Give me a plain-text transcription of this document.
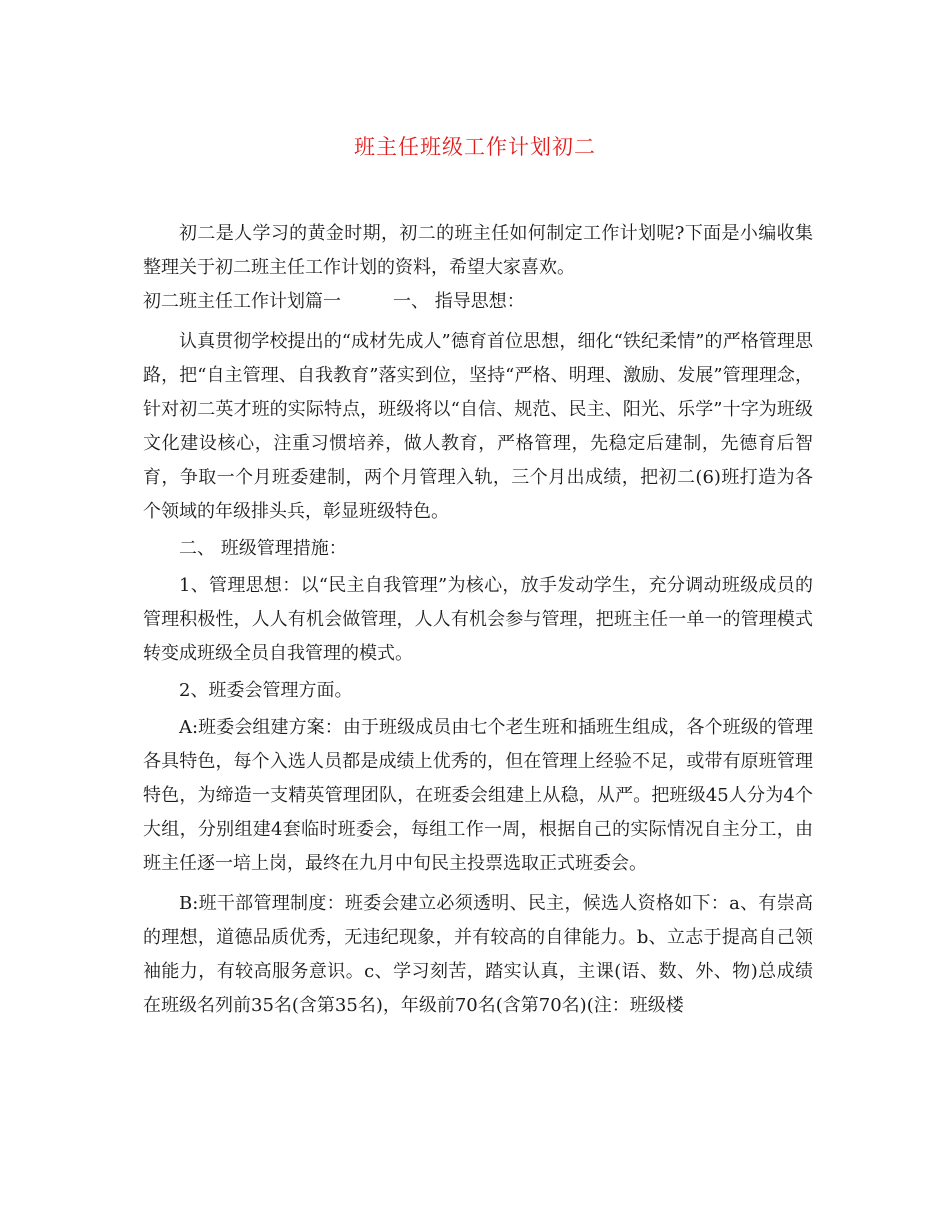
班主任班级工作计划初二

初二是人学习的黄金时期，初二的班主任如何制定工作计划呢?下面是小编收集整理关于初二班主任工作计划的资料，希望大家喜欢。

初二班主任工作计划篇一	一、 指导思想：

认真贯彻学校提出的“成材先成人”德育首位思想，细化“铁纪柔情”的严格管理思路，把“自主管理、自我教育”落实到位，坚持“严格、明理、激励、发展”管理理念，针对初二英才班的实际特点，班级将以“自信、规范、民主、阳光、乐学”十字为班级文化建设核心，注重习惯培养，做人教育，严格管理，先稳定后建制，先德育后智育，争取一个月班委建制，两个月管理入轨，三个月出成绩，把初二(6)班打造为各个领域的年级排头兵，彰显班级特色。

二、 班级管理措施：

1、管理思想：以“民主自我管理”为核心，放手发动学生，充分调动班级成员的管理积极性，人人有机会做管理，人人有机会参与管理，把班主任一单一的管理模式转变成班级全员自我管理的模式。

2、班委会管理方面。

A:班委会组建方案：由于班级成员由七个老生班和插班生组成，各个班级的管理各具特色，每个入选人员都是成绩上优秀的，但在管理上经验不足，或带有原班管理特色，为缔造一支精英管理团队，在班委会组建上从稳，从严。把班级45人分为4个大组，分别组建4套临时班委会，每组工作一周，根据自己的实际情况自主分工，由班主任逐一培上岗，最终在九月中旬民主投票选取正式班委会。

B:班干部管理制度：班委会建立必须透明、民主，候选人资格如下：a、有崇高的理想，道德品质优秀，无违纪现象，并有较高的自律能力。b、立志于提高自己领袖能力，有较高服务意识。c、学习刻苦，踏实认真，主课(语、数、外、物)总成绩在班级名列前35名(含第35名)，年级前70名(含第70名)(注：班级楼
